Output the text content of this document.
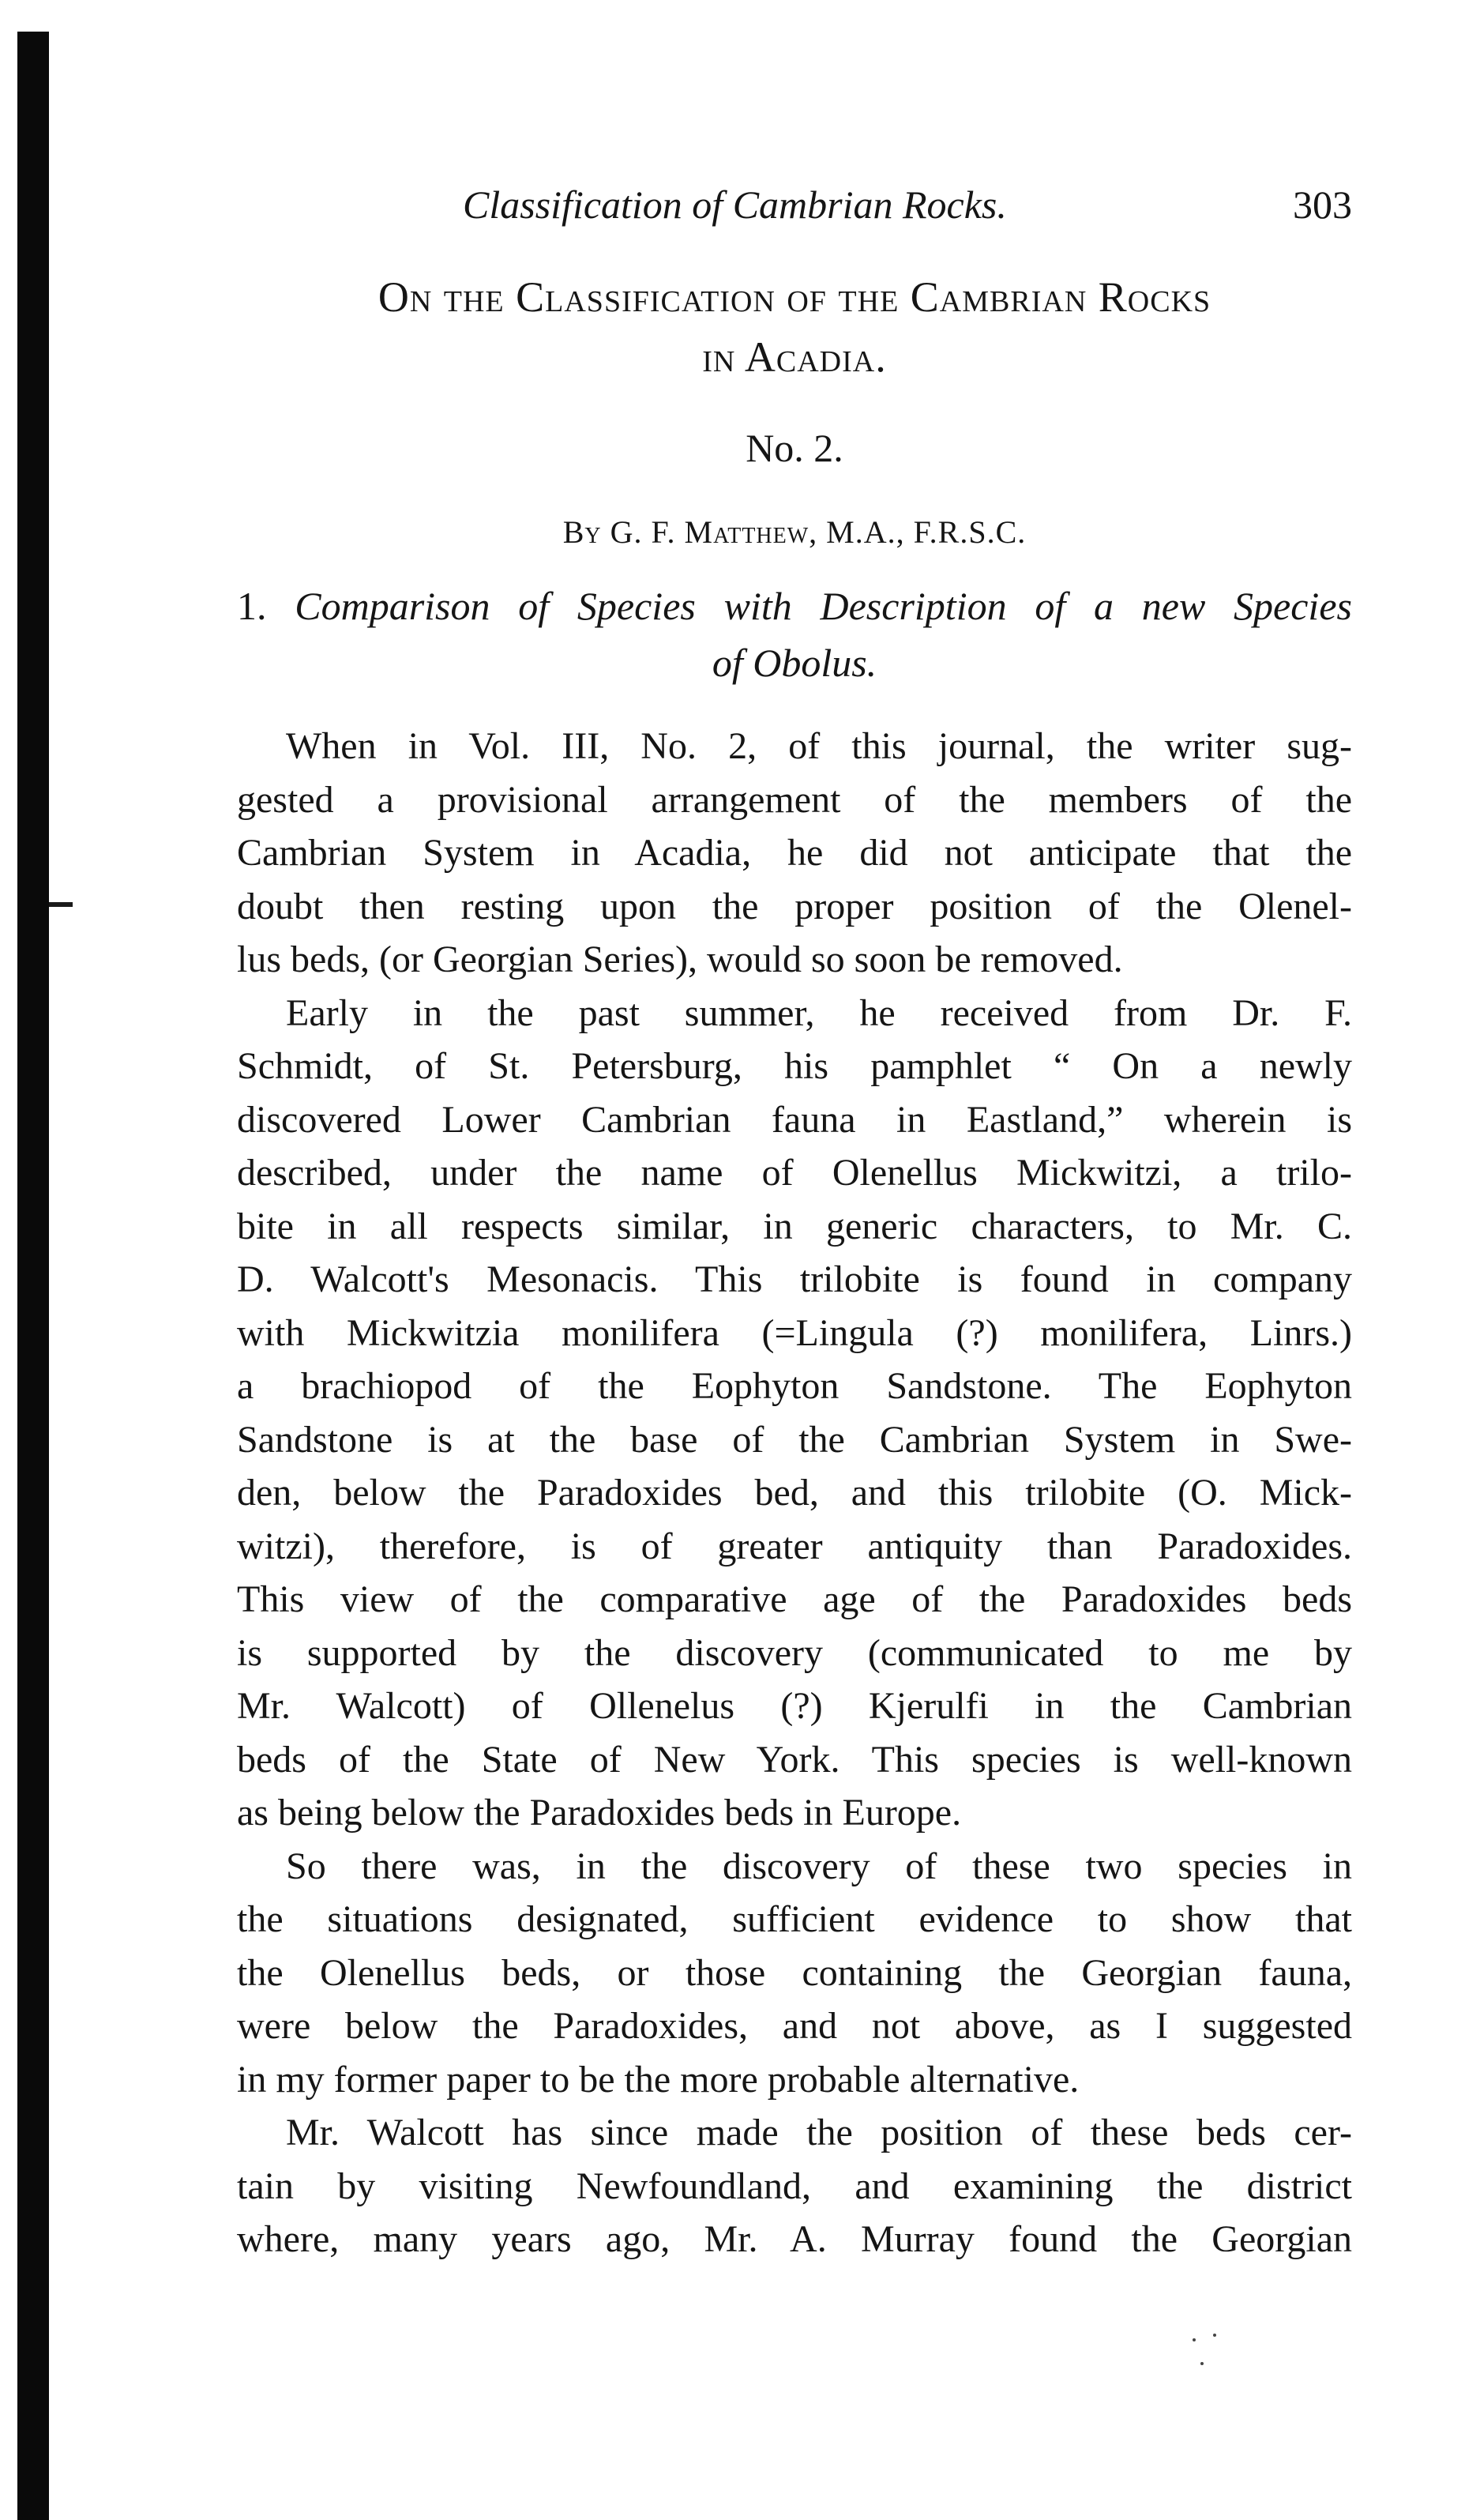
Classification of Cambrian Rocks.	303
On the Classification of the Cambrian Rocks
in Acadia.
No. 2.
By G. F. Matthew, M.A., F.R.S.C.
1. Comparison of Species with Description of a new Species
of Obolus.
When in Vol. III, No. 2, of this journal, the writer sug-
gested a provisional arrangement of the members of the
Cambrian System in Acadia, he did not anticipate that the
doubt then resting upon the proper position of the Olenel-
lus beds, (or Georgian Series), would so soon be removed.
Early in the past summer, he received from Dr. F.
Schmidt, of St. Petersburg, his pamphlet “ On a newly
discovered Lower Cambrian fauna in Eastland,” wherein is
described, under the name of Olenellus Mickwitzi, a trilo-
bite in all respects similar, in generic characters, to Mr. C.
D. Walcott's Mesonacis. This trilobite is found in company
with Mickwitzia monilifera (=Lingula (?) monilifera, Linrs.)
a brachiopod of the Eophyton Sandstone. The Eophyton
Sandstone is at the base of the Cambrian System in Swe-
den, below the Paradoxides bed, and this trilobite (O. Mick-
witzi), therefore, is of greater antiquity than Paradoxides.
This view of the comparative age of the Paradoxides beds
is supported by the discovery (communicated to me by
Mr. Walcott) of Ollenelus (?) Kjerulfi in the Cambrian
beds of the State of New York. This species is well-known
as being below the Paradoxides beds in Europe.
So there was, in the discovery of these two species in
the situations designated, sufficient evidence to show that
the Olenellus beds, or those containing the Georgian fauna,
were below the Paradoxides, and not above, as I suggested
in my former paper to be the more probable alternative.
Mr. Walcott has since made the position of these beds cer-
tain by visiting Newfoundland, and examining the district
where, many years ago, Mr. A. Murray found the Georgian
